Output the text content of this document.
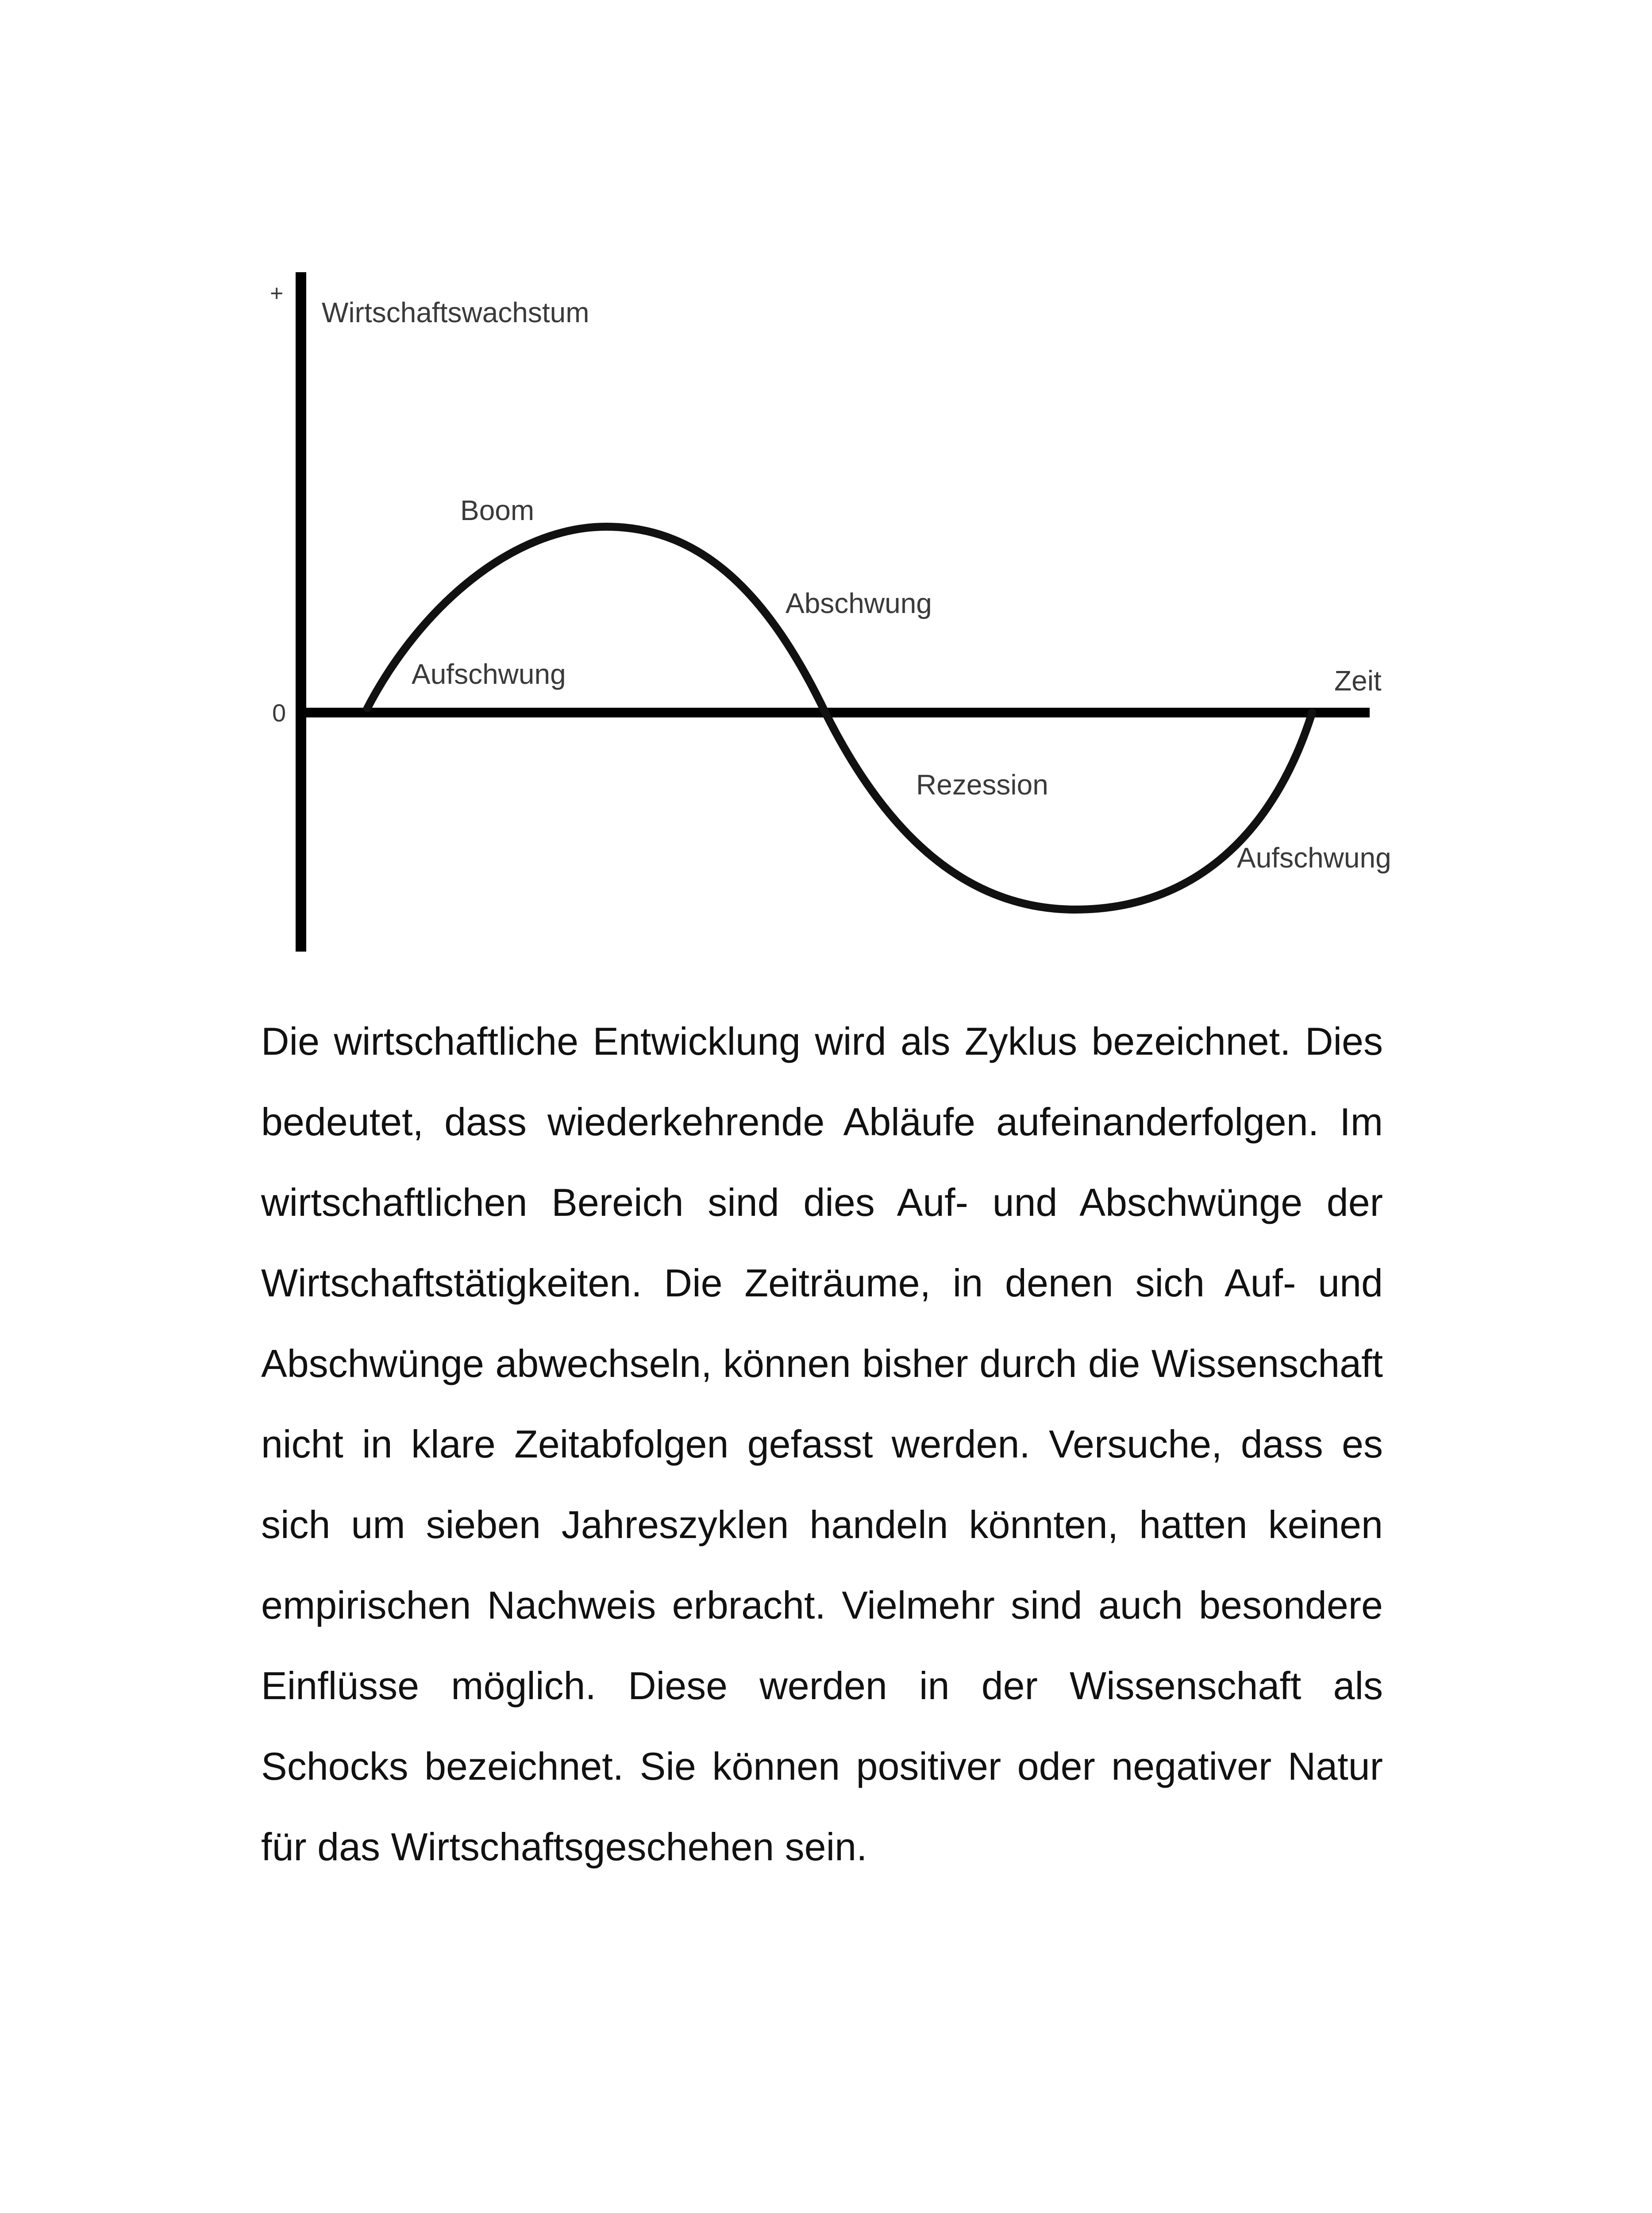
+
Wirtschaftswachstum
0
Zeit
Boom
Abschwung
Aufschwung
Rezession
Aufschwung

Die wirtschaftliche Entwicklung wird als Zyklus bezeichnet. Dies bedeutet, dass wiederkehrende Abläufe aufeinanderfolgen. Im wirtschaftlichen Bereich sind dies Auf- und Abschwünge der Wirtschaftstätigkeiten. Die Zeiträume, in denen sich Auf- und Abschwünge abwechseln, können bisher durch die Wissenschaft nicht in klare Zeitabfolgen gefasst werden. Versuche, dass es sich um sieben Jahreszyklen handeln könnten, hatten keinen empirischen Nachweis erbracht. Vielmehr sind auch besondere Einflüsse möglich. Diese werden in der Wissenschaft als Schocks bezeichnet. Sie können positiver oder negativer Natur für das Wirtschaftsgeschehen sein.
